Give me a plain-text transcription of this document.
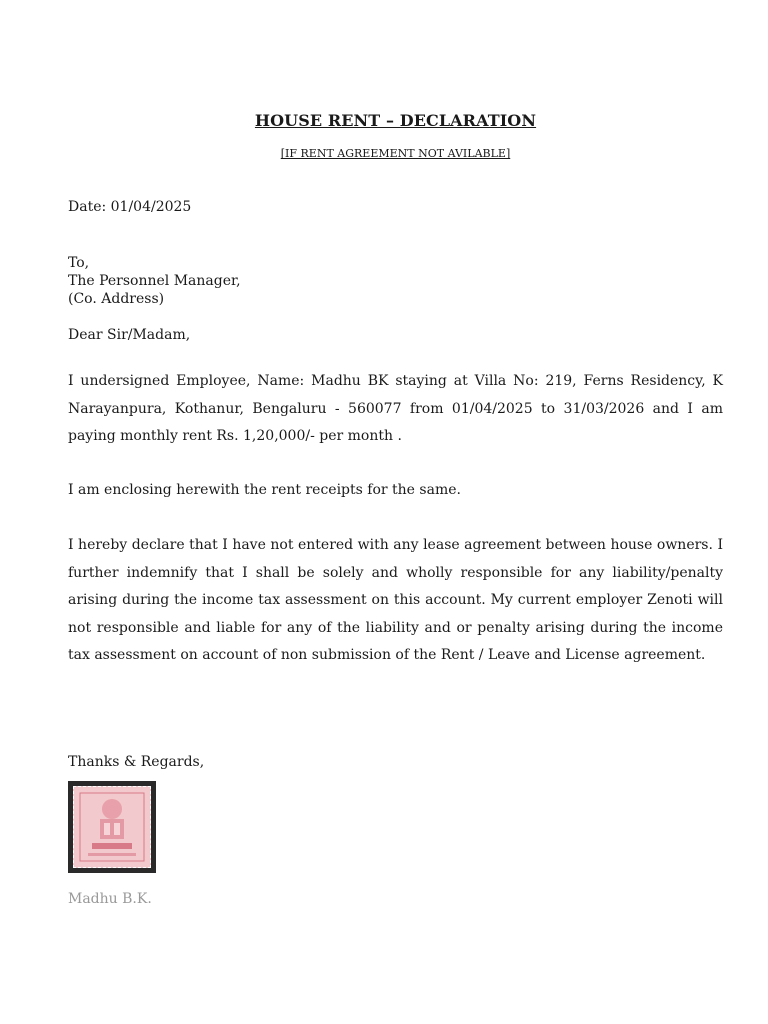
HOUSE RENT – DECLARATION
[IF RENT AGREEMENT NOT AVILABLE]
Date: 01/04/2025
To,
The Personnel Manager,
(Co. Address)
Dear Sir/Madam,
I undersigned Employee, Name: Madhu BK staying at Villa No: 219, Ferns Residency, K Narayanpura, Kothanur, Bengaluru - 560077 from 01/04/2025 to 31/03/2026 and I am paying monthly rent Rs. 1,20,000/- per month .
I am enclosing herewith the rent receipts for the same.
I hereby declare that I have not entered with any lease agreement between house owners. I further indemnify that I shall be solely and wholly responsible for any liability/penalty arising during the income tax assessment on this account. My current employer Zenoti will not responsible and liable for any of the liability and or penalty arising during the income tax assessment on account of non submission of the Rent / Leave and License agreement.
Thanks & Regards,
Madhu B.K.
